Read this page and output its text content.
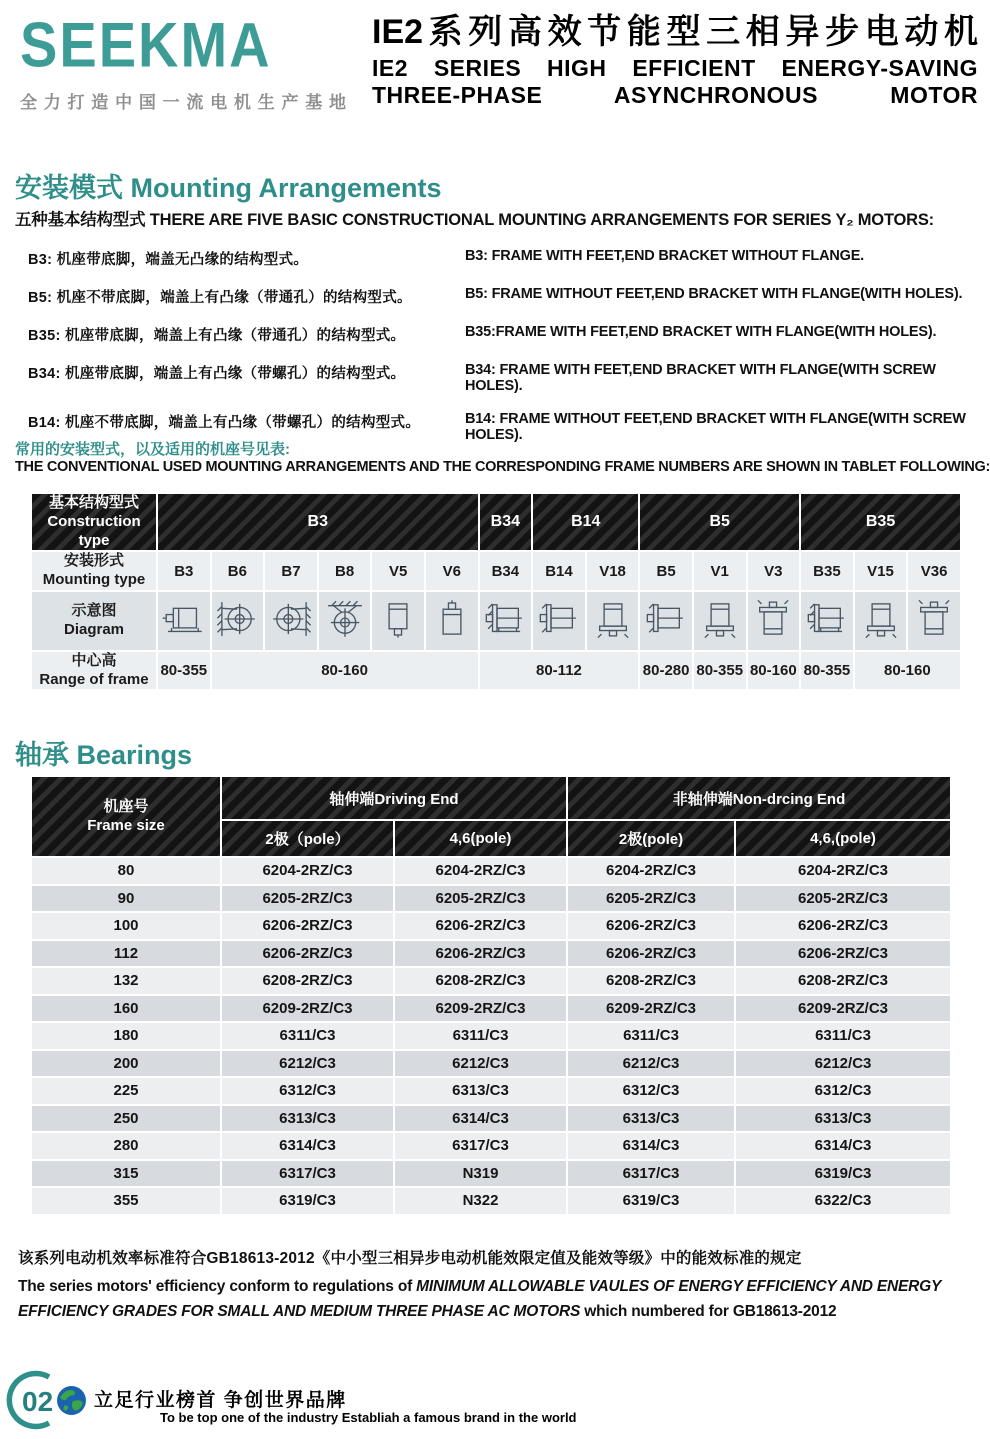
SEEKMA
全力打造中国一流电机生产基地
IE2系列高效节能型三相异步电动机
IE2 SERIES HIGH EFFICIENT ENERGY-SAVING
THREE-PHASE ASYNCHRONOUS MOTOR
安装模式 Mounting Arrangements
五种基本结构型式 THERE ARE FIVE BASIC CONSTRUCTIONAL MOUNTING ARRANGEMENTS FOR SERIES Y₂ MOTORS:
B3: 机座带底脚，端盖无凸缘的结构型式。	B3: FRAME WITH FEET,END BRACKET WITHOUT FLANGE.
B5: 机座不带底脚，端盖上有凸缘（带通孔）的结构型式。	B5: FRAME WITHOUT FEET,END BRACKET WITH FLANGE(WITH HOLES).
B35: 机座带底脚，端盖上有凸缘（带通孔）的结构型式。	B35:FRAME WITH FEET,END BRACKET WITH FLANGE(WITH HOLES).
B34: 机座带底脚，端盖上有凸缘（带螺孔）的结构型式。	B34: FRAME WITH FEET,END BRACKET WITH FLANGE(WITH SCREW HOLES).
B14: 机座不带底脚，端盖上有凸缘（带螺孔）的结构型式。	B14: FRAME WITHOUT FEET,END BRACKET WITH FLANGE(WITH SCREW HOLES).
常用的安装型式，以及适用的机座号见表:
THE CONVENTIONAL USED MOUNTING ARRANGEMENTS AND THE CORRESPONDING FRAME NUMBERS ARE SHOWN IN TABLET FOLLOWING:
基本结构型式
Construction type	B3						B34	B14		B5			B35		
安装形式
Mounting type	B3	B6	B7	B8	V5	V6	B34	B14	V18	B5	V1	V3	B35	V15	V36
示意图
Diagram															
中心高
Range of frame	80-355	80-160					80-112			80-280	80-355	80-160	80-355	80-160	
轴承 Bearings
机座号
Frame size	轴伸端Driving End		非轴伸端Non-drcing End	
	2极（pole）	4,6(pole)	2极(pole)	4,6,(pole)
80	6204-2RZ/C3	6204-2RZ/C3	6204-2RZ/C3	6204-2RZ/C3
90	6205-2RZ/C3	6205-2RZ/C3	6205-2RZ/C3	6205-2RZ/C3
100	6206-2RZ/C3	6206-2RZ/C3	6206-2RZ/C3	6206-2RZ/C3
112	6206-2RZ/C3	6206-2RZ/C3	6206-2RZ/C3	6206-2RZ/C3
132	6208-2RZ/C3	6208-2RZ/C3	6208-2RZ/C3	6208-2RZ/C3
160	6209-2RZ/C3	6209-2RZ/C3	6209-2RZ/C3	6209-2RZ/C3
180	6311/C3	6311/C3	6311/C3	6311/C3
200	6212/C3	6212/C3	6212/C3	6212/C3
225	6312/C3	6313/C3	6312/C3	6312/C3
250	6313/C3	6314/C3	6313/C3	6313/C3
280	6314/C3	6317/C3	6314/C3	6314/C3
315	6317/C3	N319	6317/C3	6319/C3
355	6319/C3	N322	6319/C3	6322/C3
该系列电动机效率标准符合GB18613-2012《中小型三相异步电动机能效限定值及能效等级》中的能效标准的规定
The series motors' efficiency conform to regulations of MINIMUM ALLOWABLE VAULES OF ENERGY EFFICIENCY AND ENERGY EFFICIENCY GRADES FOR SMALL AND MEDIUM THREE PHASE AC MOTORS which numbered for GB18613-2012
02 立足行业榜首 争创世界品牌
To be top one of the industry Establiah a famous brand in the world
